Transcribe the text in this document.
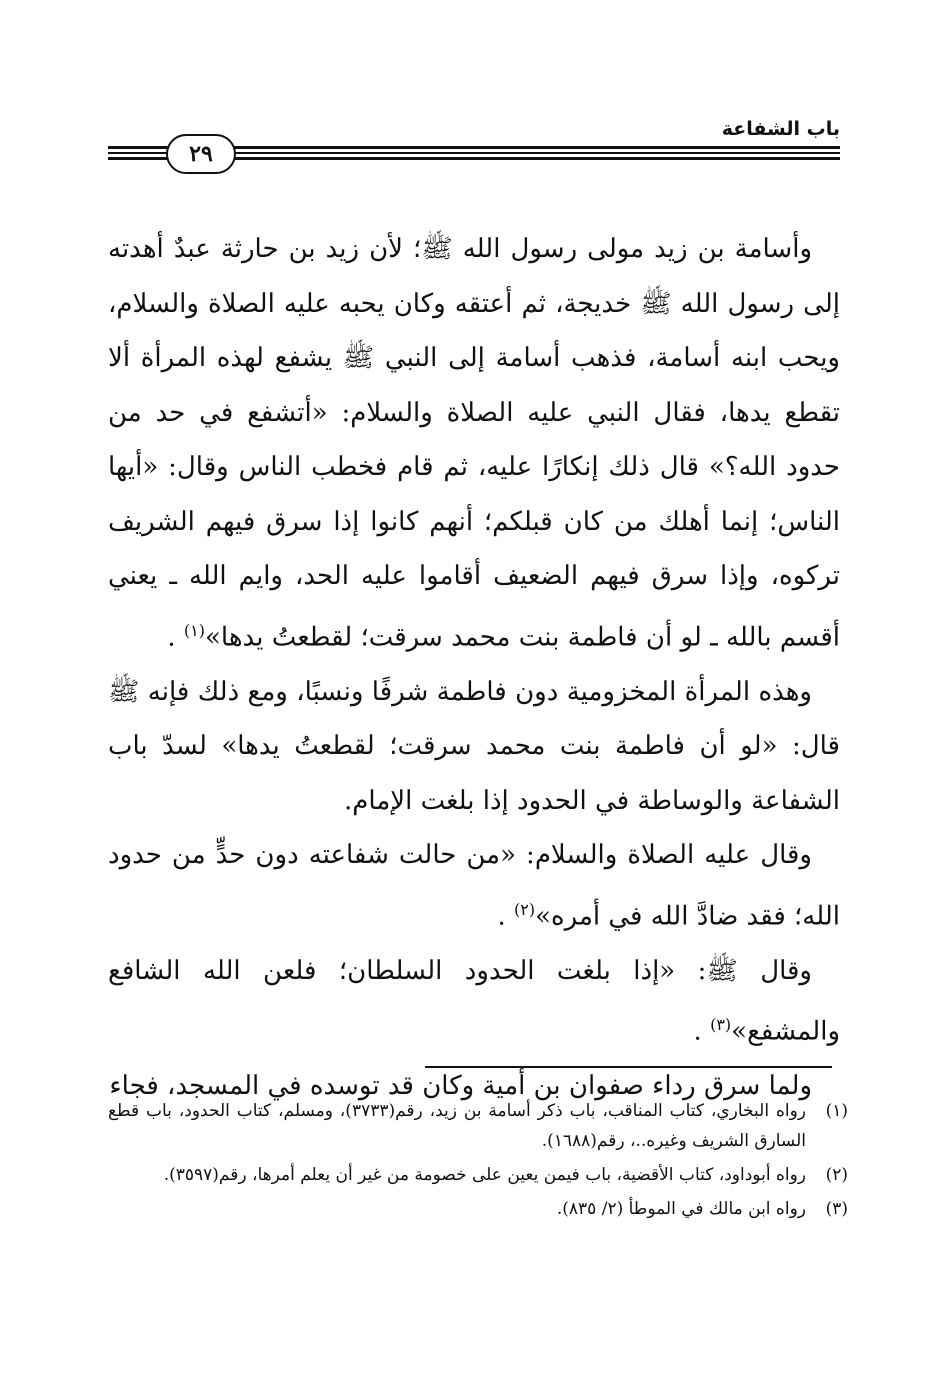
باب الشفاعة
٢٩

وأسامة بن زيد مولى رسول الله ﷺ؛ لأن زيد بن حارثة عبدٌ أهدته إلى رسول الله ﷺ خديجة، ثم أعتقه وكان يحبه عليه الصلاة والسلام، ويحب ابنه أسامة، فذهب أسامة إلى النبي ﷺ يشفع لهذه المرأة ألا تقطع يدها، فقال النبي عليه الصلاة والسلام: «أتشفع في حد من حدود الله؟» قال ذلك إنكارًا عليه، ثم قام فخطب الناس وقال: «أيها الناس؛ إنما أهلك من كان قبلكم؛ أنهم كانوا إذا سرق فيهم الشريف تركوه، وإذا سرق فيهم الضعيف أقاموا عليه الحد، وايم الله ـ يعني أقسم بالله ـ لو أن فاطمة بنت محمد سرقت؛ لقطعتُ يدها»$^{(١)}$ .

وهذه المرأة المخزومية دون فاطمة شرفًا ونسبًا، ومع ذلك فإنه ﷺ قال: «لو أن فاطمة بنت محمد سرقت؛ لقطعتُ يدها» لسدّ باب الشفاعة والوساطة في الحدود إذا بلغت الإمام.

وقال عليه الصلاة والسلام: «من حالت شفاعته دون حدٍّ من حدود الله؛ فقد ضادَّ الله في أمره»$^{(٢)}$ .

وقال ﷺ: «إذا بلغت الحدود السلطان؛ فلعن الله الشافع والمشفع»$^{(٣)}$ .

ولما سرق رداء صفوان بن أمية وكان قد توسده في المسجد، فجاء

(١)
رواه البخاري، كتاب المناقب، باب ذكر أسامة بن زيد، رقم(٣٧٣٣)، ومسلم، كتاب الحدود، باب قطع السارق الشريف وغيره..، رقم(١٦٨٨).
(٢)
رواه أبوداود، كتاب الأقضية، باب فيمن يعين على خصومة من غير أن يعلم أمرها، رقم(٣٥٩٧).
(٣)
رواه ابن مالك في الموطأ (٢/ ٨٣٥).
